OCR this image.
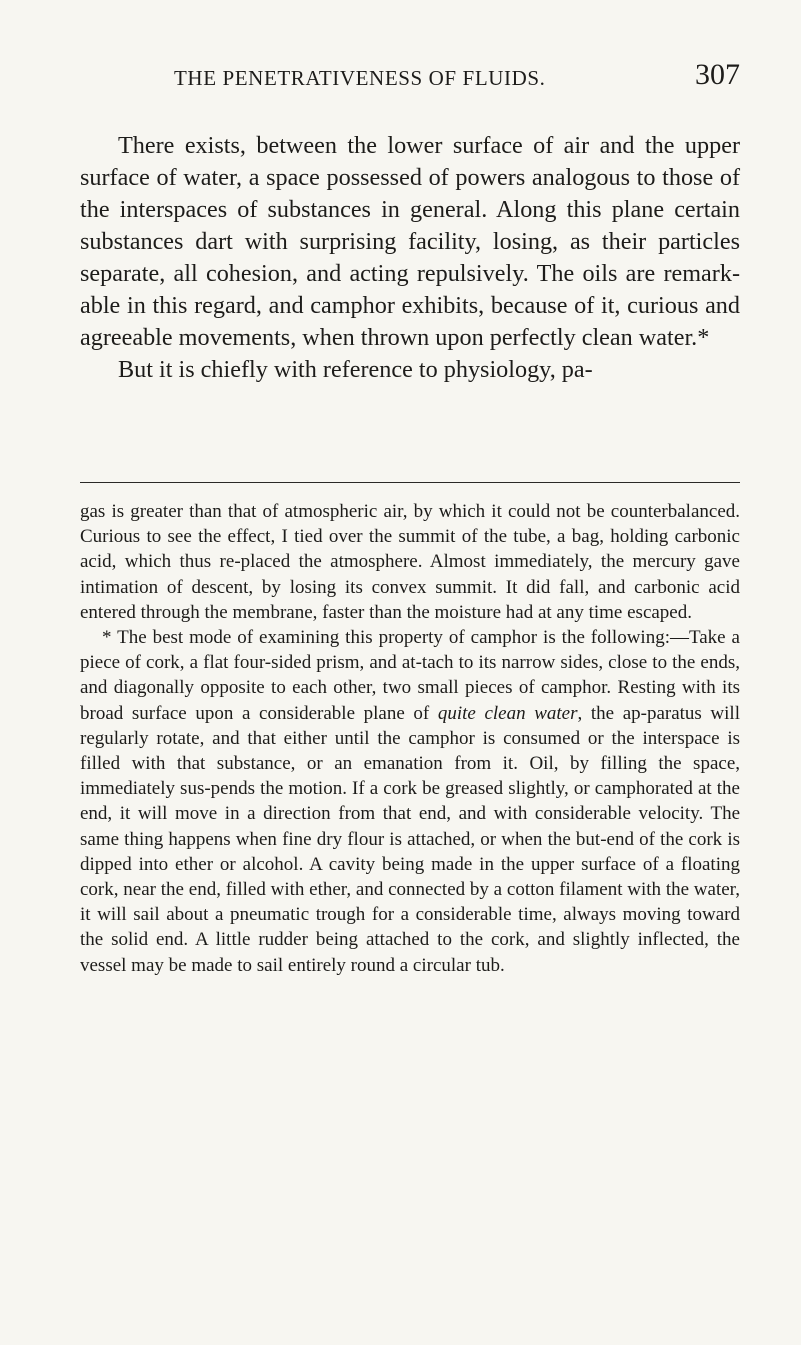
THE PENETRATIVENESS OF FLUIDS.	307

There exists, between the lower surface of air and the upper surface of water, a space possessed of powers analogous to those of the interspaces of substances in general. Along this plane certain substances dart with surprising facility, losing, as their particles separate, all cohesion, and acting repulsively. The oils are remark-able in this regard, and camphor exhibits, because of it, curious and agreeable movements, when thrown upon perfectly clean water.*

But it is chiefly with reference to physiology, pa-

gas is greater than that of atmospheric air, by which it could not be counterbalanced. Curious to see the effect, I tied over the summit of the tube, a bag, holding carbonic acid, which thus re-placed the atmosphere. Almost immediately, the mercury gave intimation of descent, by losing its convex summit. It did fall, and carbonic acid entered through the membrane, faster than the moisture had at any time escaped.

* The best mode of examining this property of camphor is the following:—Take a piece of cork, a flat four-sided prism, and at-tach to its narrow sides, close to the ends, and diagonally opposite to each other, two small pieces of camphor. Resting with its broad surface upon a considerable plane of quite clean water, the ap-paratus will regularly rotate, and that either until the camphor is consumed or the interspace is filled with that substance, or an emanation from it. Oil, by filling the space, immediately sus-pends the motion. If a cork be greased slightly, or camphorated at the end, it will move in a direction from that end, and with considerable velocity. The same thing happens when fine dry flour is attached, or when the but-end of the cork is dipped into ether or alcohol. A cavity being made in the upper surface of a floating cork, near the end, filled with ether, and connected by a cotton filament with the water, it will sail about a pneumatic trough for a considerable time, always moving toward the solid end. A little rudder being attached to the cork, and slightly inflected, the vessel may be made to sail entirely round a circular tub.
